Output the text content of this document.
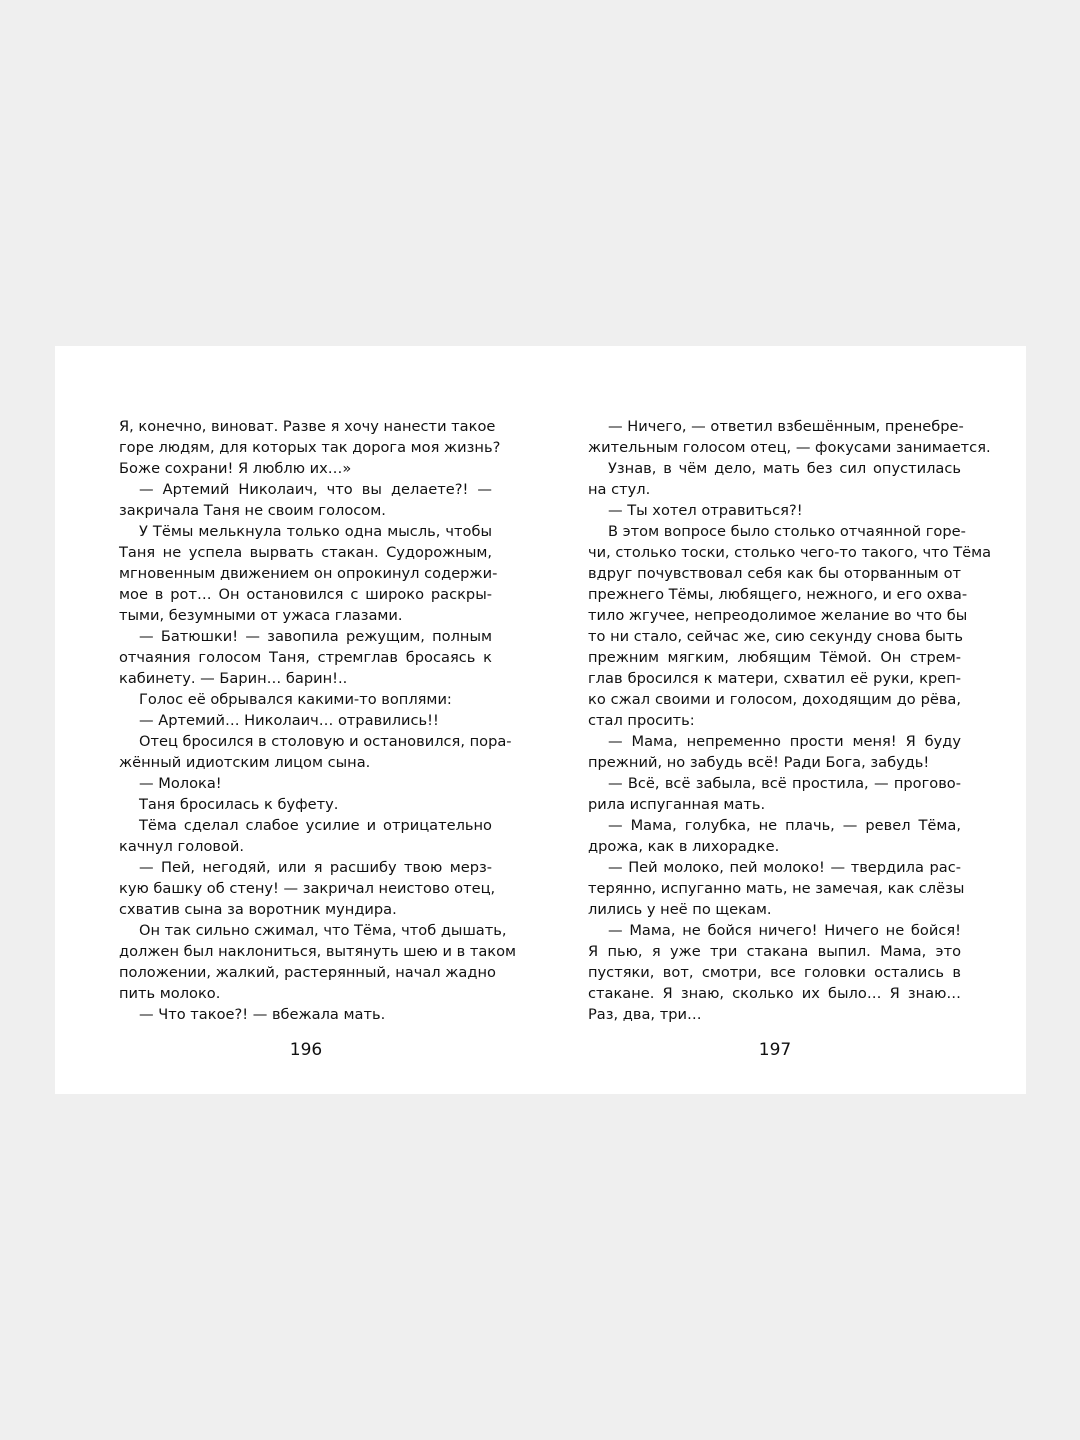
Я, конечно, виноват. Разве я хочу нанести такое
горе людям, для которых так дорога моя жизнь?
Боже сохрани! Я люблю их…»
— Артемий Николаич, что вы делаете?! —
закричала Таня не своим голосом.
У Тёмы мелькнула только одна мысль, чтобы
Таня не успела вырвать стакан. Судорожным,
мгновенным движением он опрокинул содержи-
мое в рот… Он остановился с широко раскры-
тыми, безумными от ужаса глазами.
— Батюшки! — завопила режущим, полным
отчаяния голосом Таня, стремглав бросаясь к
кабинету. — Барин… барин!..
Голос её обрывался какими-то воплями:
— Артемий… Николаич… отравились!!
Отец бросился в столовую и остановился, пора-
жённый идиотским лицом сына.
— Молока!
Таня бросилась к буфету.
Тёма сделал слабое усилие и отрицательно
качнул головой.
— Пей, негодяй, или я расшибу твою мерз-
кую башку об стену! — закричал неистово отец,
схватив сына за воротник мундира.
Он так сильно сжимал, что Тёма, чтоб дышать,
должен был наклониться, вытянуть шею и в таком
положении, жалкий, растерянный, начал жадно
пить молоко.
— Что такое?! — вбежала мать.
— Ничего, — ответил взбешённым, пренебре-
жительным голосом отец, — фокусами занимается.
Узнав, в чём дело, мать без сил опустилась
на стул.
— Ты хотел отравиться?!
В этом вопросе было столько отчаянной горе-
чи, столько тоски, столько чего-то такого, что Тёма
вдруг почувствовал себя как бы оторванным от
прежнего Тёмы, любящего, нежного, и его охва-
тило жгучее, непреодолимое желание во что бы
то ни стало, сейчас же, сию секунду снова быть
прежним мягким, любящим Тёмой. Он стрем-
глав бросился к матери, схватил её руки, креп-
ко сжал своими и голосом, доходящим до рёва,
стал просить:
— Мама, непременно прости меня! Я буду
прежний, но забудь всё! Ради Бога, забудь!
— Всё, всё забыла, всё простила, — прогово-
рила испуганная мать.
— Мама, голубка, не плачь, — ревел Тёма,
дрожа, как в лихорадке.
— Пей молоко, пей молоко! — твердила рас-
терянно, испуганно мать, не замечая, как слёзы
лились у неё по щекам.
— Мама, не бойся ничего! Ничего не бойся!
Я пью, я уже три стакана выпил. Мама, это
пустяки, вот, смотри, все головки остались в
стакане. Я знаю, сколько их было… Я знаю…
Раз, два, три…
196	197
